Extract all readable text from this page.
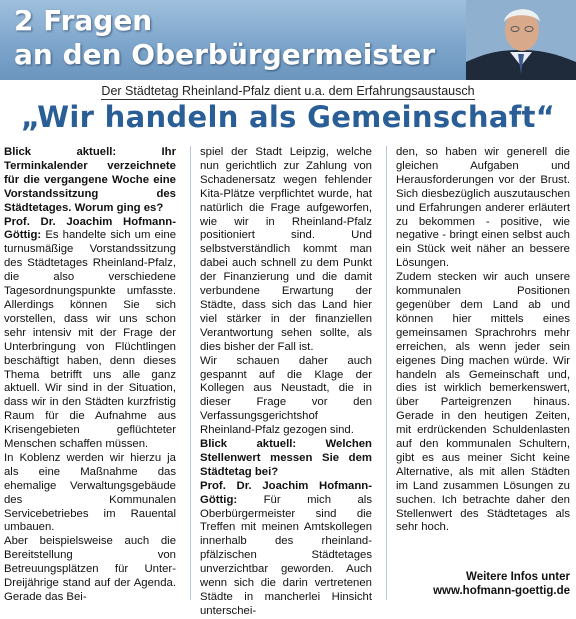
2 Fragen
an den Oberbürgermeister
Der Städtetag Rheinland-Pfalz dient u.a. dem Erfahrungsaustausch
„Wir handeln als Gemeinschaft“

Blick aktuell: Ihr Terminkalender verzeichnete für die vergangene Woche eine Vorstandssitzung des Städtetages. Worum ging es?

Prof. Dr. Joachim Hofmann-Göttig: Es handelte sich um eine turnusmäßige Vorstandssitzung des Städtetages Rheinland-Pfalz, die also verschiedene Tagesordnungspunkte umfasste. Allerdings können Sie sich vorstellen, dass wir uns schon sehr intensiv mit der Frage der Unterbringung von Flüchtlingen beschäftigt haben, denn dieses Thema betrifft uns alle ganz aktuell. Wir sind in der Situation, dass wir in den Städten kurzfristig Raum für die Aufnahme aus Krisengebieten geflüchteter Menschen schaffen müssen.

In Koblenz werden wir hierzu ja als eine Maßnahme das ehemalige Verwaltungsgebäude des Kommunalen Servicebetriebes im Rauental umbauen.

Aber beispielsweise auch die Bereitstellung von Betreuungsplätzen für Unter-Dreijährige stand auf der Agenda. Gerade das Bei-

spiel der Stadt Leipzig, welche nun gerichtlich zur Zahlung von Schadenersatz wegen fehlender Kita-Plätze verpflichtet wurde, hat natürlich die Frage aufgeworfen, wie wir in Rheinland-Pfalz positioniert sind. Und selbstverständlich kommt man dabei auch schnell zu dem Punkt der Finanzierung und die damit verbundene Erwartung der Städte, dass sich das Land hier viel stärker in der finanziellen Verantwortung sehen sollte, als dies bisher der Fall ist.

Wir schauen daher auch gespannt auf die Klage der Kollegen aus Neustadt, die in dieser Frage vor den Verfassungsgerichtshof Rheinland-Pfalz gezogen sind.

Blick aktuell: Welchen Stellenwert messen Sie dem Städtetag bei?

Prof. Dr. Joachim Hofmann-Göttig: Für mich als Oberbürgermeister sind die Treffen mit meinen Amtskollegen innerhalb des rheinland-pfälzischen Städtetages unverzichtbar geworden. Auch wenn sich die darin vertretenen Städte in mancherlei Hinsicht unterschei-

den, so haben wir generell die gleichen Aufgaben und Herausforderungen vor der Brust. Sich diesbezüglich auszutauschen und Erfahrungen anderer erläutert zu bekommen - positive, wie negative - bringt einen selbst auch ein Stück weit näher an bessere Lösungen.

Zudem stecken wir auch unsere kommunalen Positionen gegenüber dem Land ab und können hier mittels eines gemeinsamen Sprachrohrs mehr erreichen, als wenn jeder sein eigenes Ding machen würde. Wir handeln als Gemeinschaft und, dies ist wirklich bemerkenswert, über Parteigrenzen hinaus. Gerade in den heutigen Zeiten, mit erdrückenden Schuldenlasten auf den kommunalen Schultern, gibt es aus meiner Sicht keine Alternative, als mit allen Städten im Land zusammen Lösungen zu suchen. Ich betrachte daher den Stellenwert des Städtetages als sehr hoch.

Weitere Infos unter
www.hofmann-goettig.de
